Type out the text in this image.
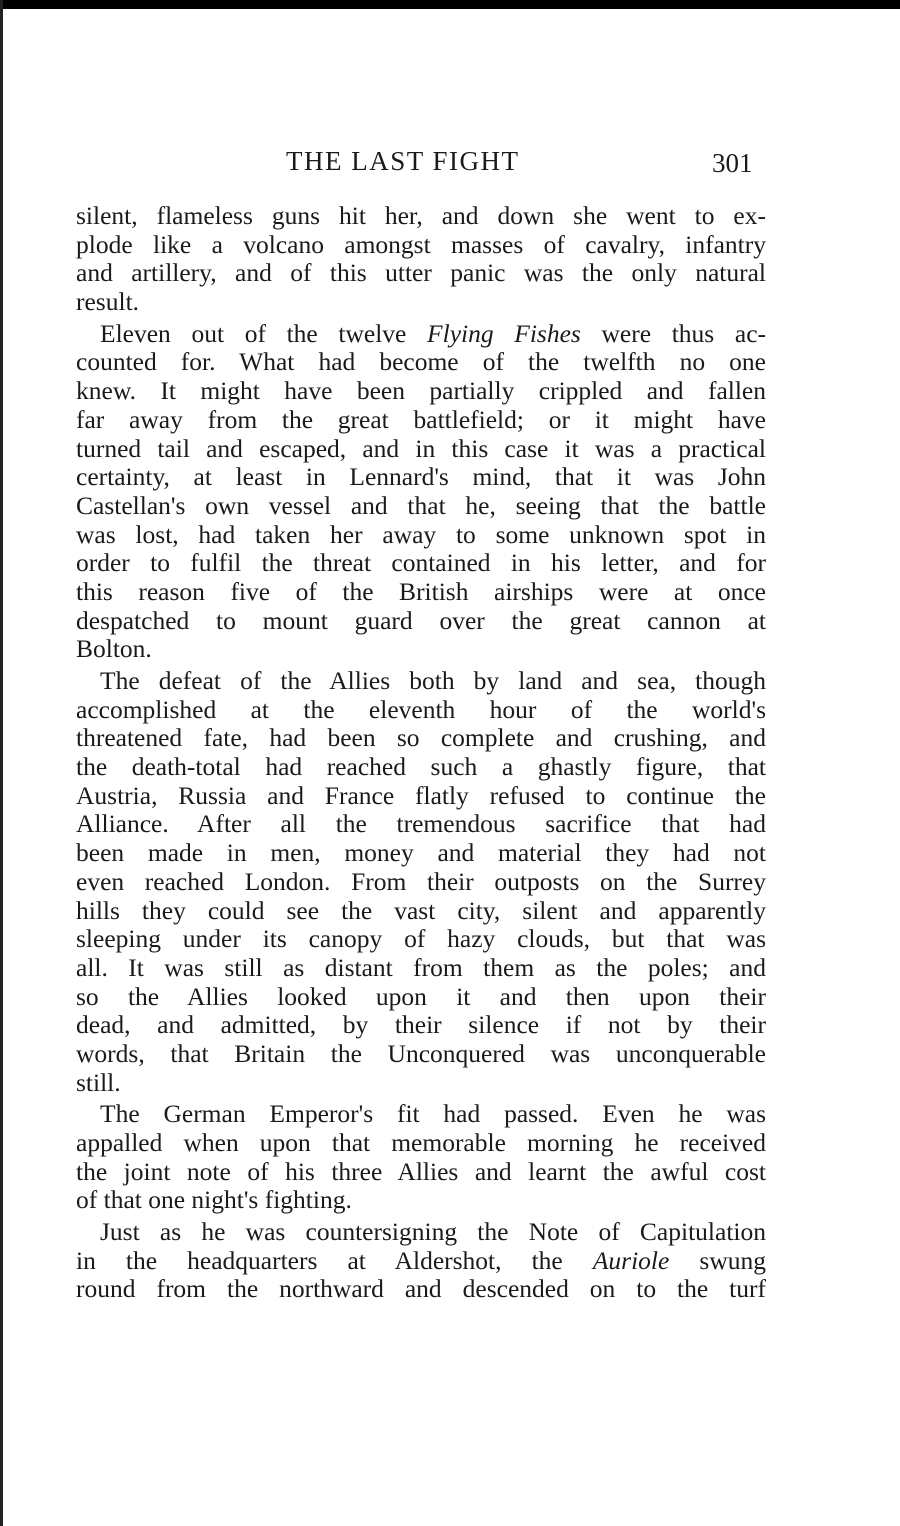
THE LAST FIGHT	301
silent, flameless guns hit her, and down she went to ex-
plode like a volcano amongst masses of cavalry, infantry
and artillery, and of this utter panic was the only natural
result.
Eleven out of the twelve Flying Fishes were thus ac-
counted for. What had become of the twelfth no one
knew. It might have been partially crippled and fallen
far away from the great battlefield; or it might have
turned tail and escaped, and in this case it was a practical
certainty, at least in Lennard's mind, that it was John
Castellan's own vessel and that he, seeing that the battle
was lost, had taken her away to some unknown spot in
order to fulfil the threat contained in his letter, and for
this reason five of the British airships were at once
despatched to mount guard over the great cannon at
Bolton.
The defeat of the Allies both by land and sea, though
accomplished at the eleventh hour of the world's
threatened fate, had been so complete and crushing, and
the death-total had reached such a ghastly figure, that
Austria, Russia and France flatly refused to continue the
Alliance. After all the tremendous sacrifice that had
been made in men, money and material they had not
even reached London. From their outposts on the Surrey
hills they could see the vast city, silent and apparently
sleeping under its canopy of hazy clouds, but that was
all. It was still as distant from them as the poles; and
so the Allies looked upon it and then upon their
dead, and admitted, by their silence if not by their
words, that Britain the Unconquered was unconquerable
still.
The German Emperor's fit had passed. Even he was
appalled when upon that memorable morning he received
the joint note of his three Allies and learnt the awful cost
of that one night's fighting.
Just as he was countersigning the Note of Capitulation
in the headquarters at Aldershot, the Auriole swung
round from the northward and descended on to the turf
